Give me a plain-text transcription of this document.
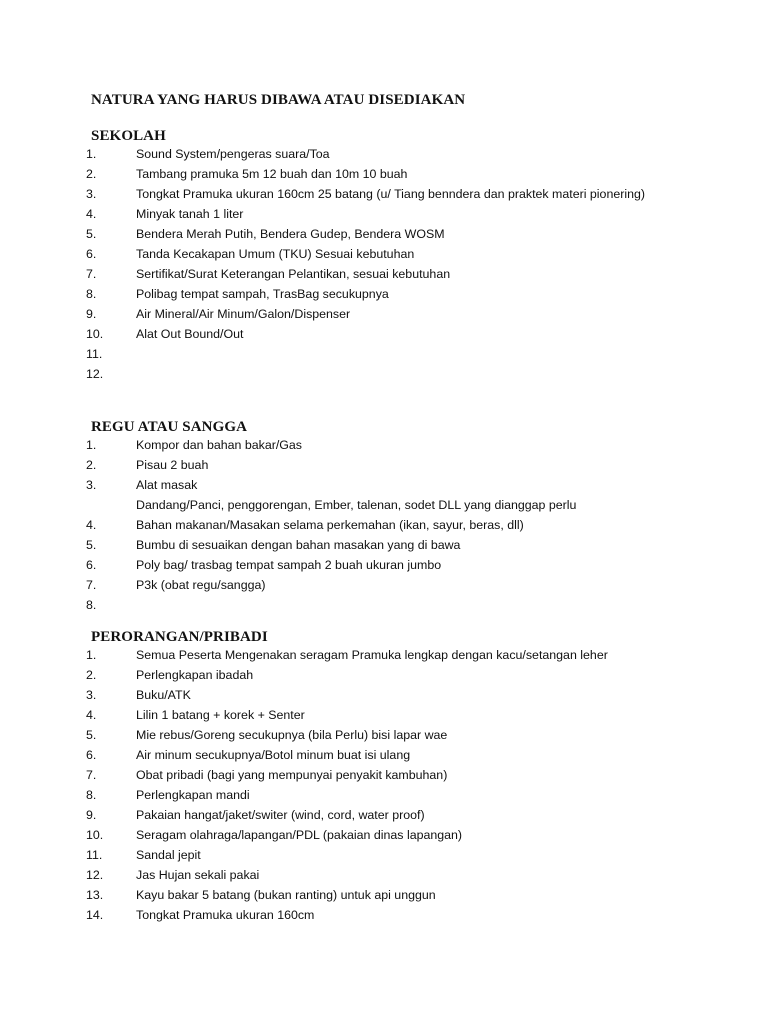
NATURA YANG HARUS DIBAWA ATAU DISEDIAKAN
SEKOLAH
1.	Sound System/pengeras suara/Toa
2.	Tambang pramuka 5m 12 buah dan 10m 10 buah
3.	Tongkat Pramuka ukuran 160cm 25 batang (u/ Tiang benndera dan praktek materi pionering)
4.	Minyak tanah 1 liter
5.	Bendera Merah Putih, Bendera Gudep, Bendera WOSM
6.	Tanda Kecakapan Umum (TKU) Sesuai kebutuhan
7.	Sertifikat/Surat Keterangan Pelantikan, sesuai kebutuhan
8.	Polibag tempat sampah, TrasBag secukupnya
9.	Air Mineral/Air Minum/Galon/Dispenser
10.	Alat Out Bound/Out
11.
12.
REGU ATAU SANGGA
1.	Kompor dan bahan bakar/Gas
2.	Pisau 2 buah
3.	Alat masak
Dandang/Panci, penggorengan, Ember, talenan, sodet DLL yang dianggap perlu
4.	Bahan makanan/Masakan selama perkemahan (ikan, sayur, beras, dll)
5.	Bumbu di sesuaikan dengan bahan masakan yang di bawa
6.	Poly bag/ trasbag tempat sampah 2 buah ukuran jumbo
7.	P3k (obat regu/sangga)
8.
PERORANGAN/PRIBADI
1.	Semua Peserta Mengenakan seragam Pramuka lengkap dengan kacu/setangan leher
2.	Perlengkapan ibadah
3.	Buku/ATK
4.	Lilin 1 batang + korek + Senter
5.	Mie rebus/Goreng secukupnya (bila Perlu) bisi lapar wae
6.	Air minum secukupnya/Botol minum buat isi ulang
7.	Obat pribadi (bagi yang mempunyai penyakit kambuhan)
8.	Perlengkapan mandi
9.	Pakaian hangat/jaket/switer (wind, cord, water proof)
10.	Seragam olahraga/lapangan/PDL (pakaian dinas lapangan)
11.	Sandal jepit
12.	Jas Hujan sekali pakai
13.	Kayu bakar 5 batang (bukan ranting) untuk api unggun
14.	Tongkat Pramuka ukuran 160cm
